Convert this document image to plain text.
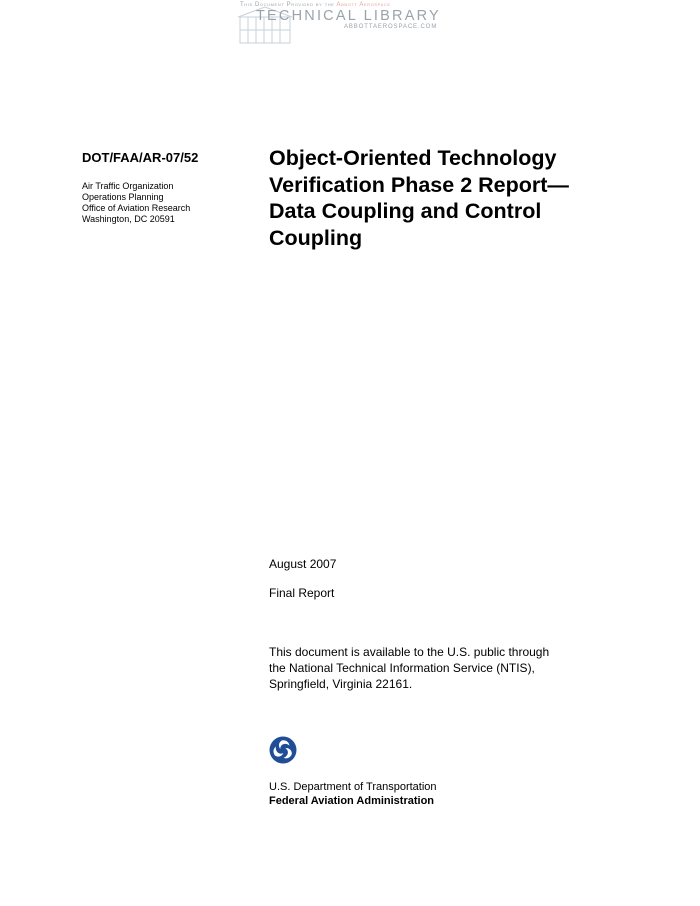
This Document Provided by the Abbott Aerospace
TECHNICAL LIBRARY
ABBOTTAEROSPACE.COM
DOT/FAA/AR-07/52
Air Traffic Organization
Operations Planning
Office of Aviation Research
Washington, DC 20591
Object-Oriented Technology
Verification Phase 2 Report—
Data Coupling and Control
Coupling
August 2007
Final Report
This document is available to the U.S. public through
the National Technical Information Service (NTIS),
Springfield, Virginia 22161.
U.S. Department of Transportation
Federal Aviation Administration
